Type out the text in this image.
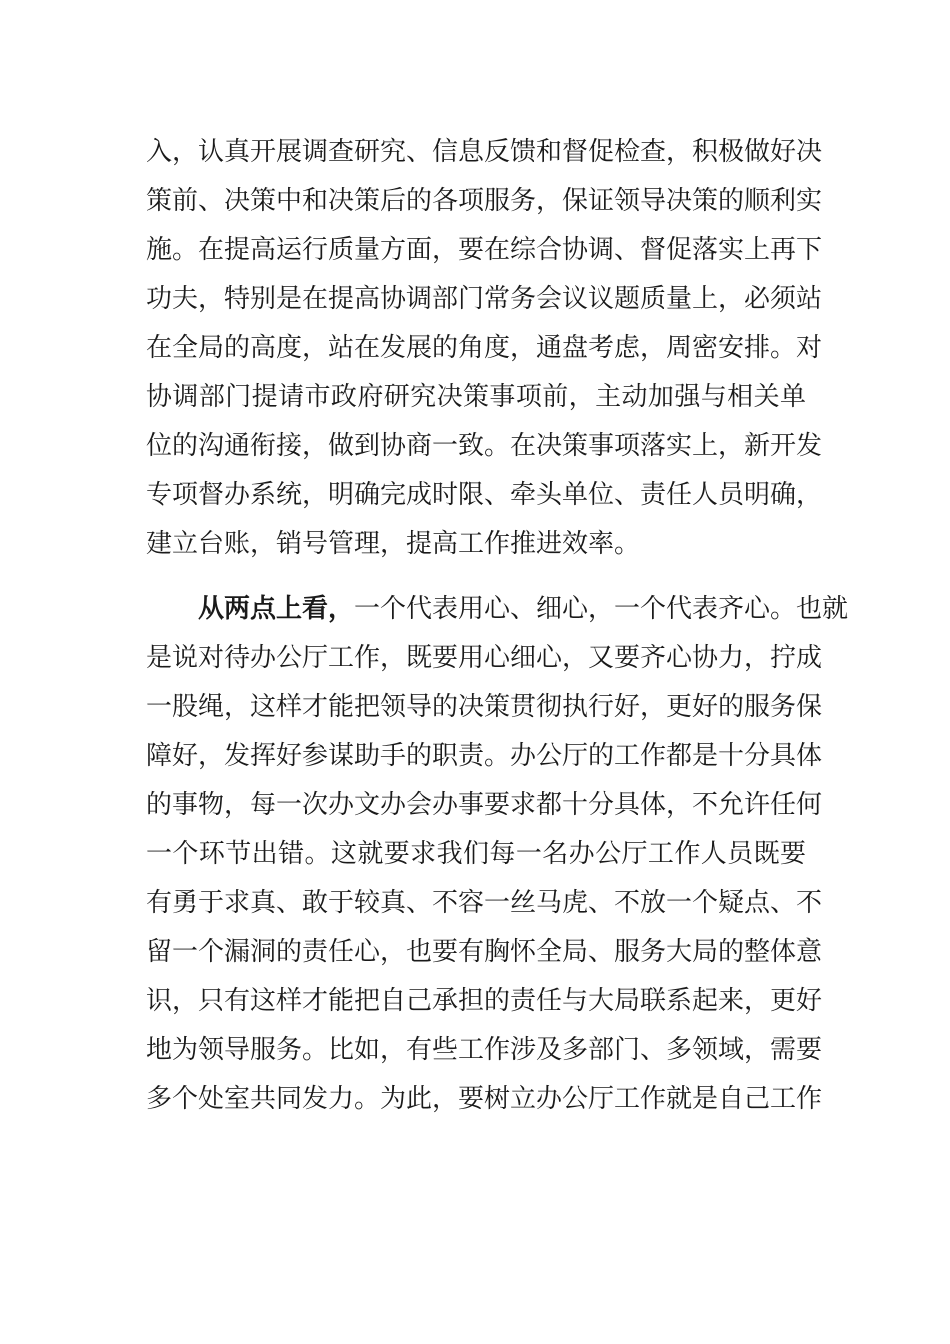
入，认真开展调查研究、信息反馈和督促检查，积极做好决
策前、决策中和决策后的各项服务，保证领导决策的顺利实
施。在提高运行质量方面，要在综合协调、督促落实上再下
功夫，特别是在提高协调部门常务会议议题质量上，必须站
在全局的高度，站在发展的角度，通盘考虑，周密安排。对
协调部门提请市政府研究决策事项前，主动加强与相关单
位的沟通衔接，做到协商一致。在决策事项落实上，新开发
专项督办系统，明确完成时限、牵头单位、责任人员明确，
建立台账，销号管理，提高工作推进效率。
从两点上看，一个代表用心、细心，一个代表齐心。也就
是说对待办公厅工作，既要用心细心，又要齐心协力，拧成
一股绳，这样才能把领导的决策贯彻执行好，更好的服务保
障好，发挥好参谋助手的职责。办公厅的工作都是十分具体
的事物，每一次办文办会办事要求都十分具体，不允许任何
一个环节出错。这就要求我们每一名办公厅工作人员既要
有勇于求真、敢于较真、不容一丝马虎、不放一个疑点、不
留一个漏洞的责任心，也要有胸怀全局、服务大局的整体意
识，只有这样才能把自己承担的责任与大局联系起来，更好
地为领导服务。比如，有些工作涉及多部门、多领域，需要
多个处室共同发力。为此，要树立办公厅工作就是自己工作
